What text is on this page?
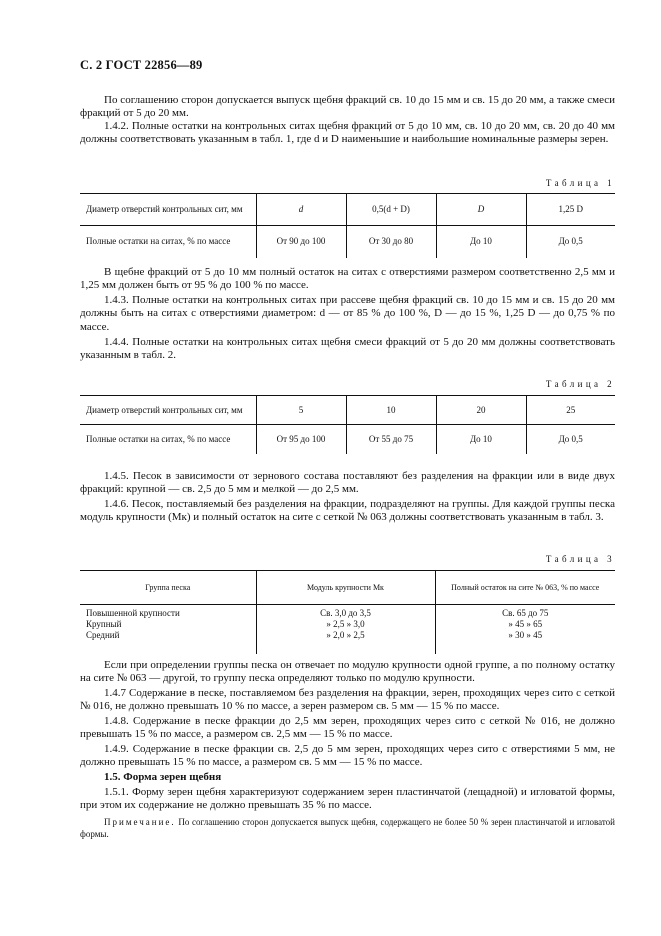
С. 2 ГОСТ 22856—89
По соглашению сторон допускается выпуск щебня фракций св. 10 до 15 мм и св. 15 до 20 мм, а также смеси фракций от 5 до 20 мм.
1.4.2. Полные остатки на контрольных ситах щебня фракций от 5 до 10 мм, св. 10 до 20 мм, св. 20 до 40 мм должны соответствовать указанным в табл. 1, где d и D наименьшие и наибольшие номинальные размеры зерен.
Таблица 1
Диаметр отверстий контрольных сит, мм	d	0,5(d + D)	D	1,25 D
Полные остатки на ситах, % по массе	От 90 до 100	От 30 до 80	До 10	До 0,5
В щебне фракций от 5 до 10 мм полный остаток на ситах с отверстиями размером соответственно 2,5 мм и 1,25 мм должен быть от 95 % до 100 % по массе.
1.4.3. Полные остатки на контрольных ситах при рассеве щебня фракций св. 10 до 15 мм и св. 15 до 20 мм должны быть на ситах с отверстиями диаметром: d — от 85 % до 100 %, D — до 15 %, 1,25 D — до 0,75 % по массе.
1.4.4. Полные остатки на контрольных ситах щебня смеси фракций от 5 до 20 мм должны соответствовать указанным в табл. 2.
Таблица 2
Диаметр отверстий контрольных сит, мм	5	10	20	25
Полные остатки на ситах, % по массе	От 95 до 100	От 55 до 75	До 10	До 0,5
1.4.5. Песок в зависимости от зернового состава поставляют без разделения на фракции или в виде двух фракций: крупной — св. 2,5 до 5 мм и мелкой — до 2,5 мм.
1.4.6. Песок, поставляемый без разделения на фракции, подразделяют на группы. Для каждой группы песка модуль крупности (Мк) и полный остаток на сите с сеткой № 063 должны соответствовать указанным в табл. 3.
Таблица 3
Группа песка	Модуль крупности Мк	Полный остаток на сите № 063, % по массе
Повышенной крупности	Св. 3,0 до 3,5	Св. 65 до 75
Крупный	» 2,5 » 3,0	» 45 » 65
Средний	» 2,0 » 2,5	» 30 » 45
Если при определении группы песка он отвечает по модулю крупности одной группе, а по полному остатку на сите № 063 — другой, то группу песка определяют только по модулю крупности.
1.4.7 Содержание в песке, поставляемом без разделения на фракции, зерен, проходящих через сито с сеткой № 016, не должно превышать 10 % по массе, а зерен размером св. 5 мм — 15 % по массе.
1.4.8. Содержание в песке фракции до 2,5 мм зерен, проходящих через сито с сеткой № 016, не должно превышать 15 % по массе, а размером св. 2,5 мм — 15 % по массе.
1.4.9. Содержание в песке фракции св. 2,5 до 5 мм зерен, проходящих через сито с отверстиями 5 мм, не должно превышать 15 % по массе, а размером св. 5 мм — 15 % по массе.
1.5. Форма зерен щебня
1.5.1. Форму зерен щебня характеризуют содержанием зерен пластинчатой (лещадной) и игловатой формы, при этом их содержание не должно превышать 35 % по массе.
Примечание. По соглашению сторон допускается выпуск щебня, содержащего не более 50 % зерен пластинчатой и игловатой формы.
